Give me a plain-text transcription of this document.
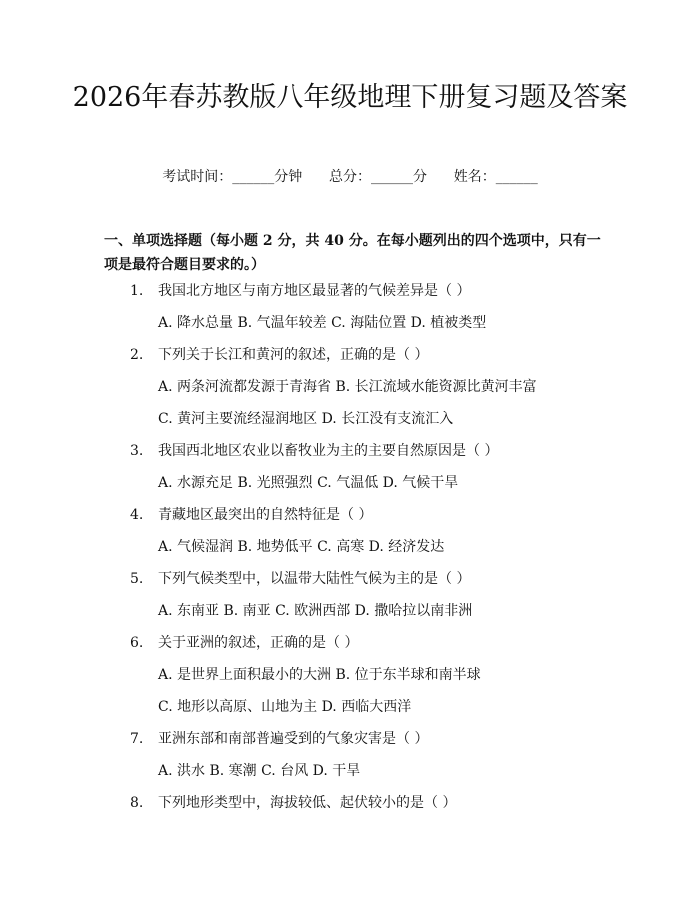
2026年春苏教版八年级地理下册复习题及答案
考试时间：______分钟      总分：______分      姓名：______
一、单项选择题（每小题 2 分，共 40 分。在每小题列出的四个选项中，只有一项是最符合题目要求的。）
1. 我国北方地区与南方地区最显著的气候差异是（ ）
A. 降水总量 B. 气温年较差 C. 海陆位置 D. 植被类型
2. 下列关于长江和黄河的叙述，正确的是（ ）
A. 两条河流都发源于青海省 B. 长江流域水能资源比黄河丰富
C. 黄河主要流经湿润地区 D. 长江没有支流汇入
3. 我国西北地区农业以畜牧业为主的主要自然原因是（ ）
A. 水源充足 B. 光照强烈 C. 气温低 D. 气候干旱
4. 青藏地区最突出的自然特征是（ ）
A. 气候湿润 B. 地势低平 C. 高寒 D. 经济发达
5. 下列气候类型中，以温带大陆性气候为主的是（ ）
A. 东南亚 B. 南亚 C. 欧洲西部 D. 撒哈拉以南非洲
6. 关于亚洲的叙述，正确的是（ ）
A. 是世界上面积最小的大洲 B. 位于东半球和南半球
C. 地形以高原、山地为主 D. 西临大西洋
7. 亚洲东部和南部普遍受到的气象灾害是（ ）
A. 洪水 B. 寒潮 C. 台风 D. 干旱
8. 下列地形类型中，海拔较低、起伏较小的是（ ）
